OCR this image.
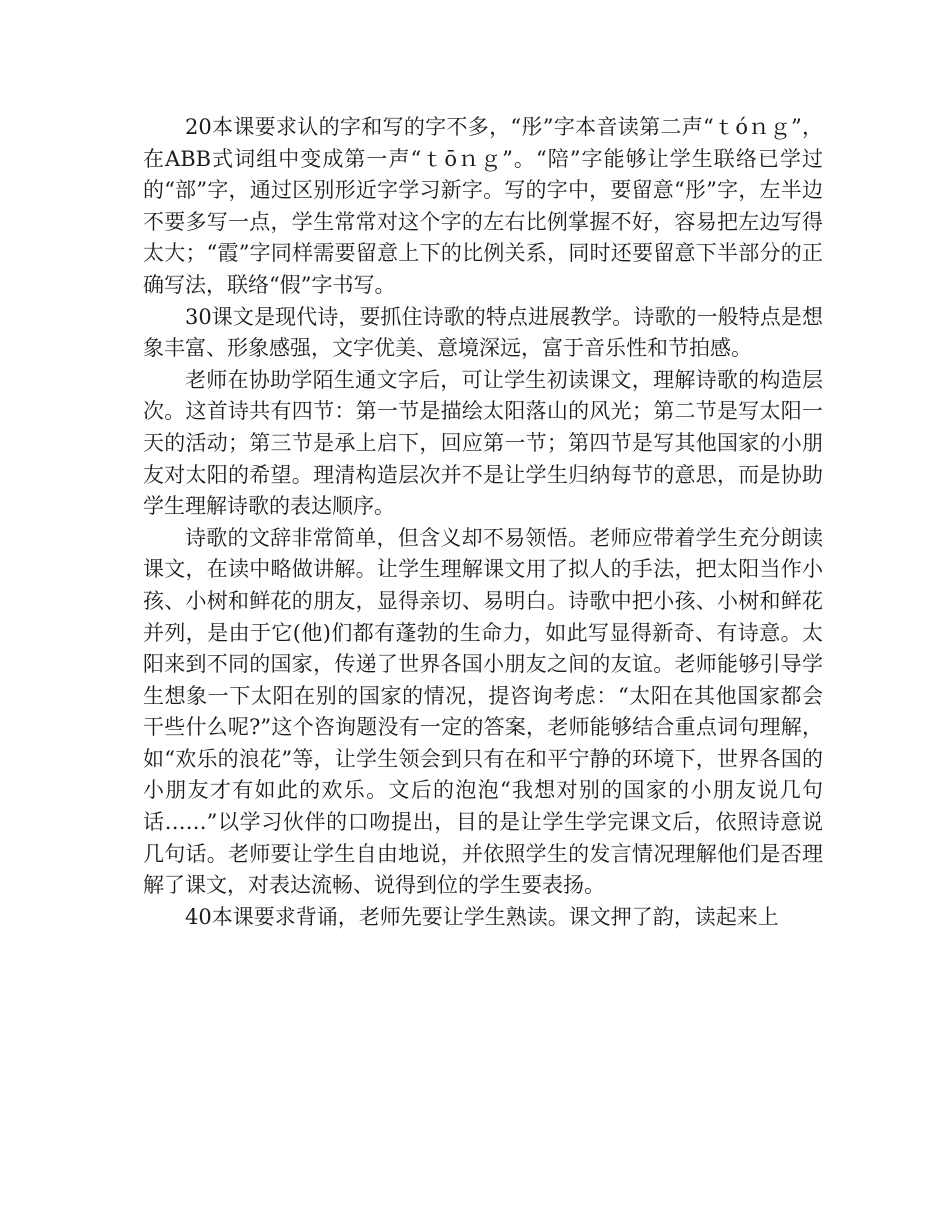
20本课要求认的字和写的字不多，“彤”字本音读第二声“ｔóｎｇ”，在ABB式词组中变成第一声“ｔōｎｇ”。“陪”字能够让学生联络已学过的“部”字，通过区别形近字学习新字。写的字中，要留意“彤”字，左半边不要多写一点，学生常常对这个字的左右比例掌握不好，容易把左边写得太大；“霞”字同样需要留意上下的比例关系，同时还要留意下半部分的正确写法，联络“假”字书写。

30课文是现代诗，要抓住诗歌的特点进展教学。诗歌的一般特点是想象丰富、形象感强，文字优美、意境深远，富于音乐性和节拍感。

老师在协助学陌生通文字后，可让学生初读课文，理解诗歌的构造层次。这首诗共有四节：第一节是描绘太阳落山的风光；第二节是写太阳一天的活动；第三节是承上启下，回应第一节；第四节是写其他国家的小朋友对太阳的希望。理清构造层次并不是让学生归纳每节的意思，而是协助学生理解诗歌的表达顺序。

诗歌的文辞非常简单，但含义却不易领悟。老师应带着学生充分朗读课文，在读中略做讲解。让学生理解课文用了拟人的手法，把太阳当作小孩、小树和鲜花的朋友，显得亲切、易明白。诗歌中把小孩、小树和鲜花并列，是由于它(他)们都有蓬勃的生命力，如此写显得新奇、有诗意。太阳来到不同的国家，传递了世界各国小朋友之间的友谊。老师能够引导学生想象一下太阳在别的国家的情况，提咨询考虑：“太阳在其他国家都会干些什么呢?”这个咨询题没有一定的答案，老师能够结合重点词句理解，如“欢乐的浪花”等，让学生领会到只有在和平宁静的环境下，世界各国的小朋友才有如此的欢乐。文后的泡泡“我想对别的国家的小朋友说几句话……”以学习伙伴的口吻提出，目的是让学生学完课文后，依照诗意说几句话。老师要让学生自由地说，并依照学生的发言情况理解他们是否理解了课文，对表达流畅、说得到位的学生要表扬。

40本课要求背诵，老师先要让学生熟读。课文押了韵，读起来上
